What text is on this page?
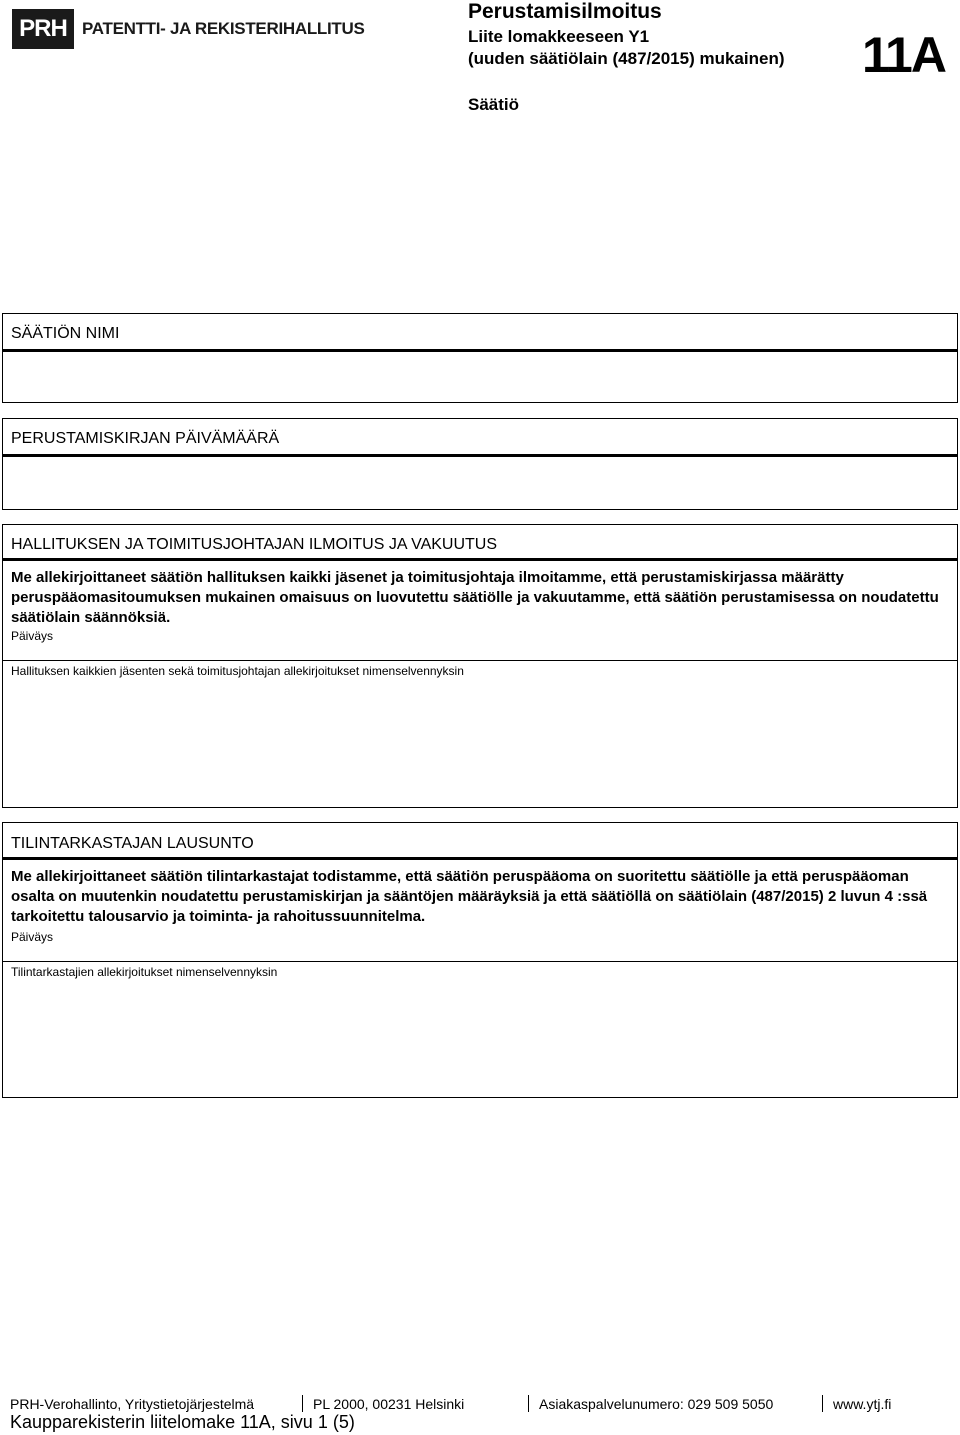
PRH PATENTTI- JA REKISTERIHALLITUS
Perustamisilmoitus
Liite lomakkeeseen Y1
(uuden säätiölain (487/2015) mukainen) 11A
Säätiö
SÄÄTIÖN NIMI
PERUSTAMISKIRJAN PÄIVÄMÄÄRÄ
HALLITUKSEN JA TOIMITUSJOHTAJAN ILMOITUS JA VAKUUTUS
Me allekirjoittaneet säätiön hallituksen kaikki jäsenet ja toimitusjohtaja ilmoitamme, että perustamiskirjassa määrätty peruspääomasitoumuksen mukainen omaisuus on luovutettu säätiölle ja vakuutamme, että säätiön perustamisessa on noudatettu säätiölain säännöksiä.
Päiväys
Hallituksen kaikkien jäsenten sekä toimitusjohtajan allekirjoitukset nimenselvennyksin
TILINTARKASTAJAN LAUSUNTO
Me allekirjoittaneet säätiön tilintarkastajat todistamme, että säätiön peruspääoma on suoritettu säätiölle ja että peruspääoman osalta on muutenkin noudatettu perustamiskirjan ja sääntöjen määräyksiä ja että säätiöllä on säätiölain (487/2015) 2 luvun 4 :ssä tarkoitettu talousarvio ja toiminta- ja rahoitussuunnitelma.
Päiväys
Tilintarkastajien allekirjoitukset nimenselvennyksin
PRH-Verohallinto, Yritystietojärjestelmä	PL 2000, 00231 Helsinki	Asiakaspalvelunumero: 029 509 5050	www.ytj.fi
Kaupparekisterin liitelomake 11A, sivu 1 (5)
